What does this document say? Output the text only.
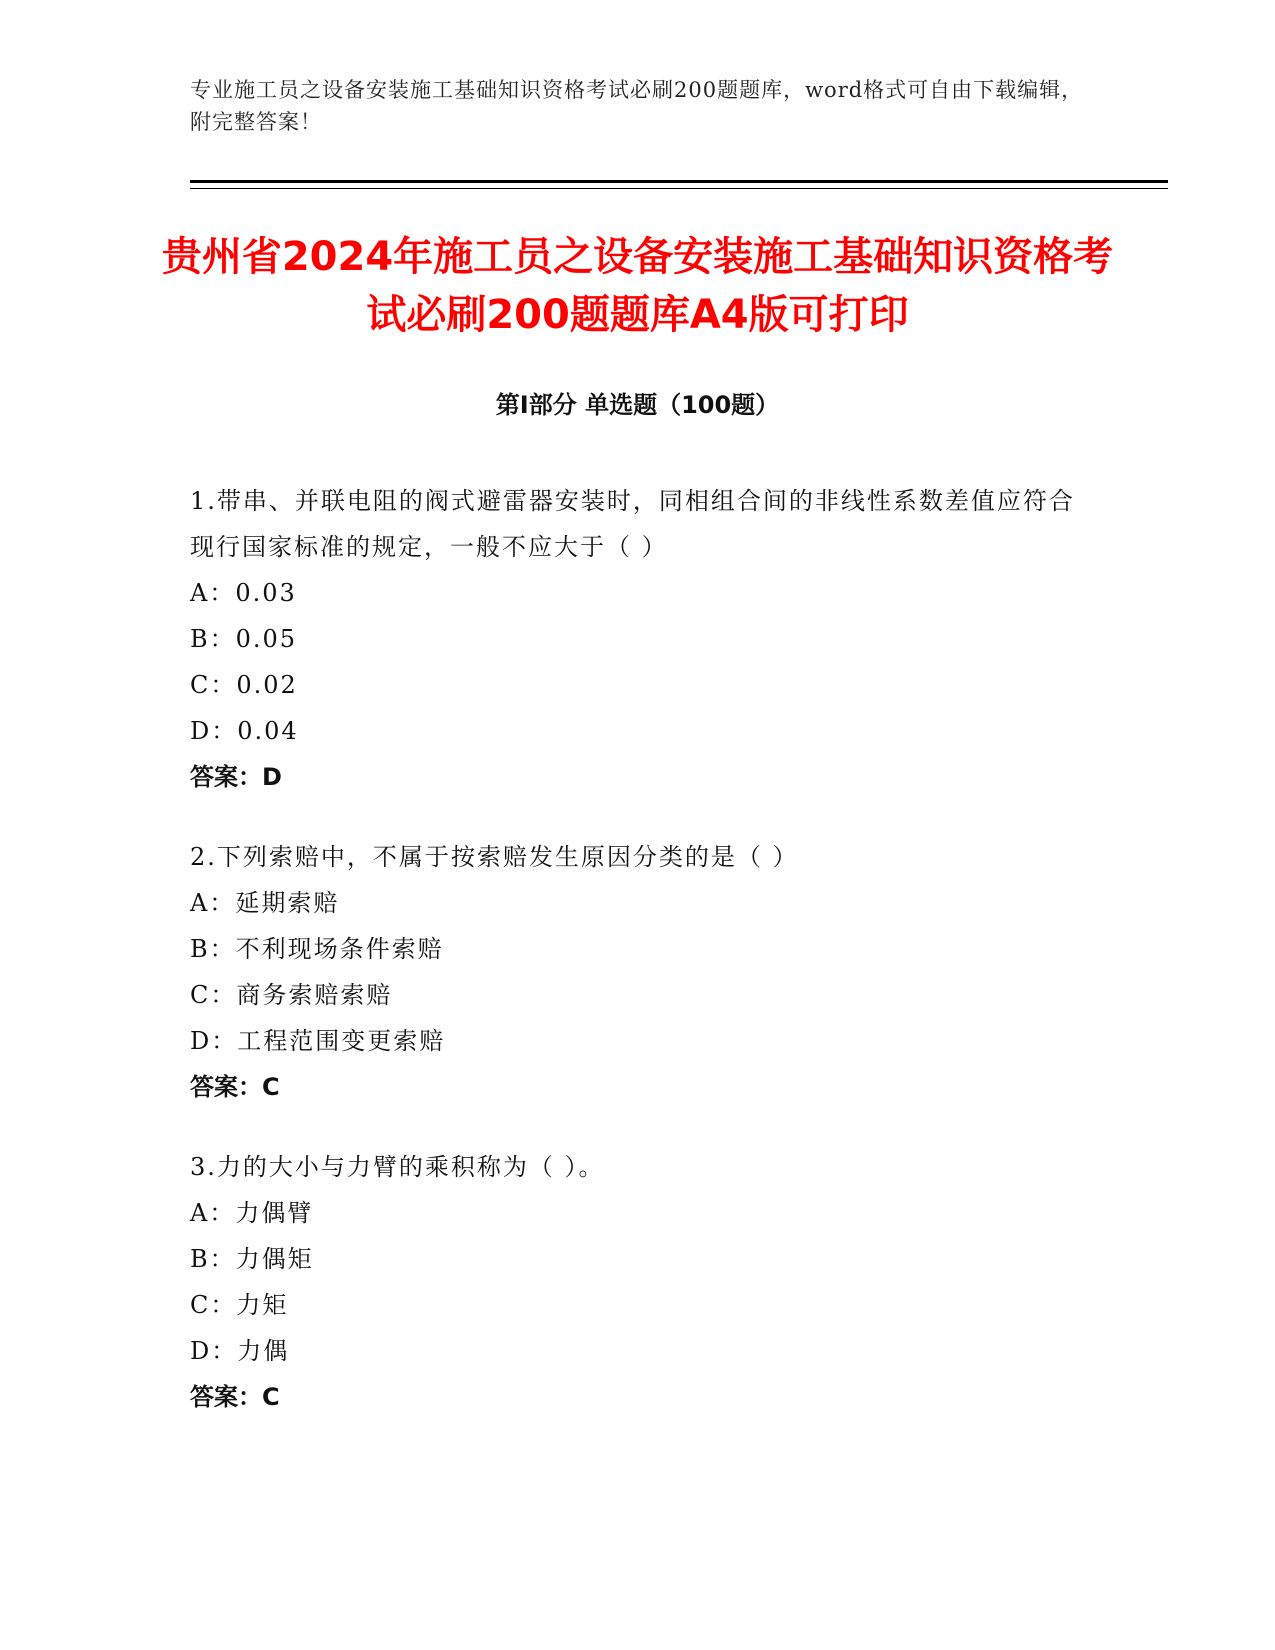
专业施工员之设备安装施工基础知识资格考试必刷200题题库，word格式可自由下载编辑，附完整答案！
贵州省2024年施工员之设备安装施工基础知识资格考试必刷200题题库A4版可打印
第Ⅰ部分 单选题（100题）

1.带串、并联电阻的阀式避雷器安装时，同相组合间的非线性系数差值应符合现行国家标准的规定，一般不应大于（ ）

A：0.03

B：0.05

C：0.02

D：0.04

答案：D

2.下列索赔中，不属于按索赔发生原因分类的是（ ）

A：延期索赔

B：不利现场条件索赔

C：商务索赔索赔

D：工程范围变更索赔

答案：C

3.力的大小与力臂的乘积称为（ ）。

A：力偶臂

B：力偶矩

C：力矩

D：力偶

答案：C
